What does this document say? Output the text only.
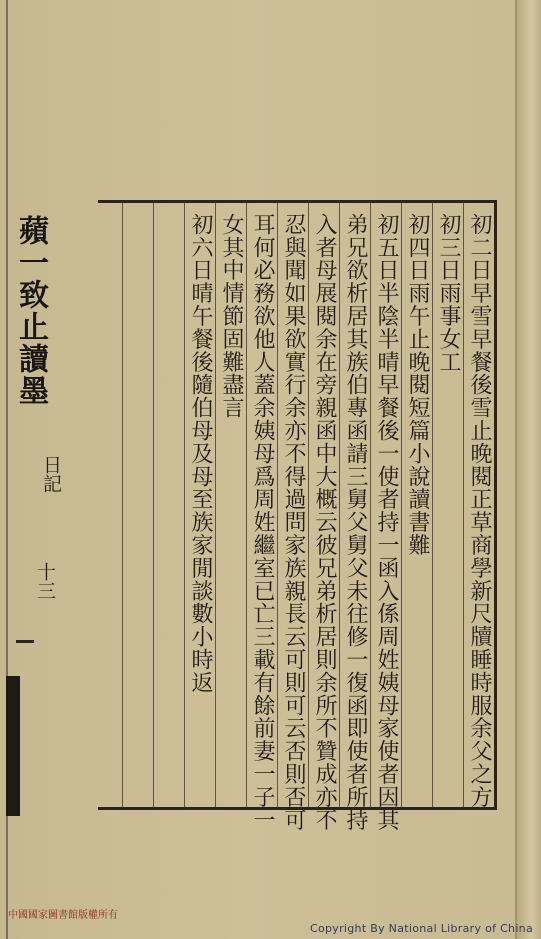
蘋一致止讀墨
日記
十三	初二日早雪早餐後雪止晚閱正草商學新尺牘睡時服余父之方
初三日雨事女工
初四日雨午止晚閱短篇小說讀書難
初五日半陰半晴早餐後一使者持一函入係周姓姨母家使者因其
弟兄欲析居其族伯專函請三舅父舅父未往修一復函即使者所持
入者母展閱余在旁親函中大概云彼兄弟析居則余所不贊成亦不
忍與聞如果欲實行余亦不得過問家族親長云可則可云否則否可
耳何必務欲他人蓋余姨母爲周姓繼室已亡三載有餘前妻一子一
女其中情節固難盡言
初六日晴午餐後隨伯母及母至族家閒談數小時返
中國國家圖書館版權所有
Copyright By National Library of China
